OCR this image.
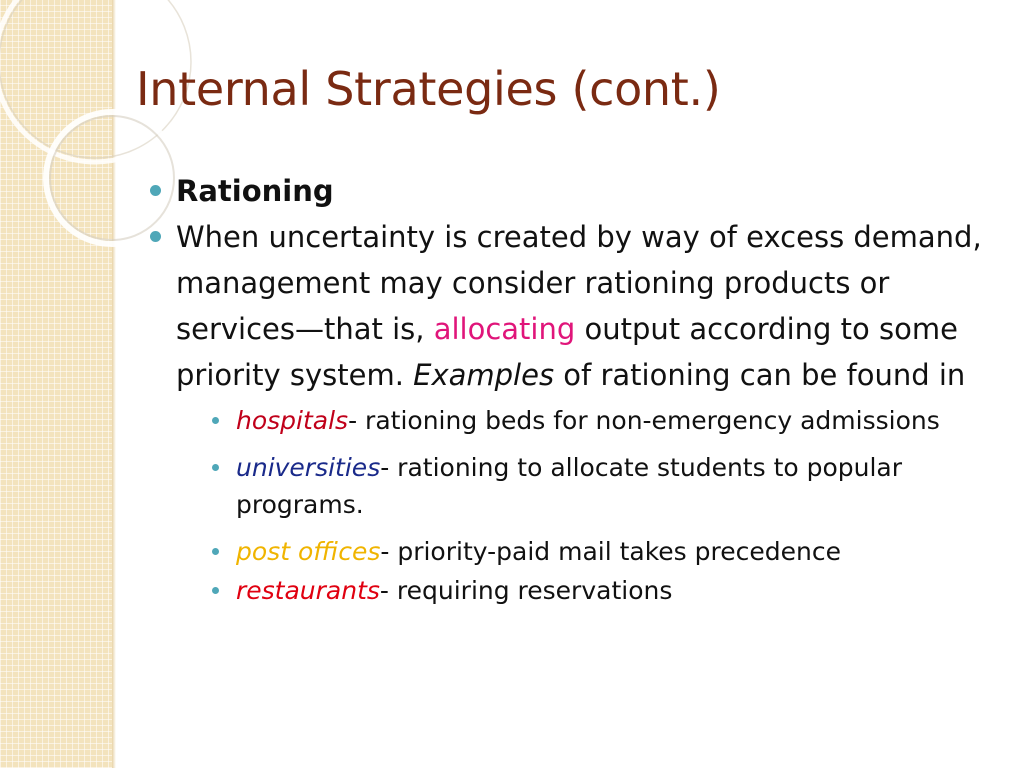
Internal Strategies (cont.)
Rationing
When uncertainty is created by way of excess demand, management may consider rationing products or services—that is, allocating output according to some priority system. Examples of rationing can be found in
hospitals- rationing beds for non-emergency admissions
universities- rationing to allocate students to popular programs.
post offices- priority-paid mail takes precedence
restaurants- requiring reservations
